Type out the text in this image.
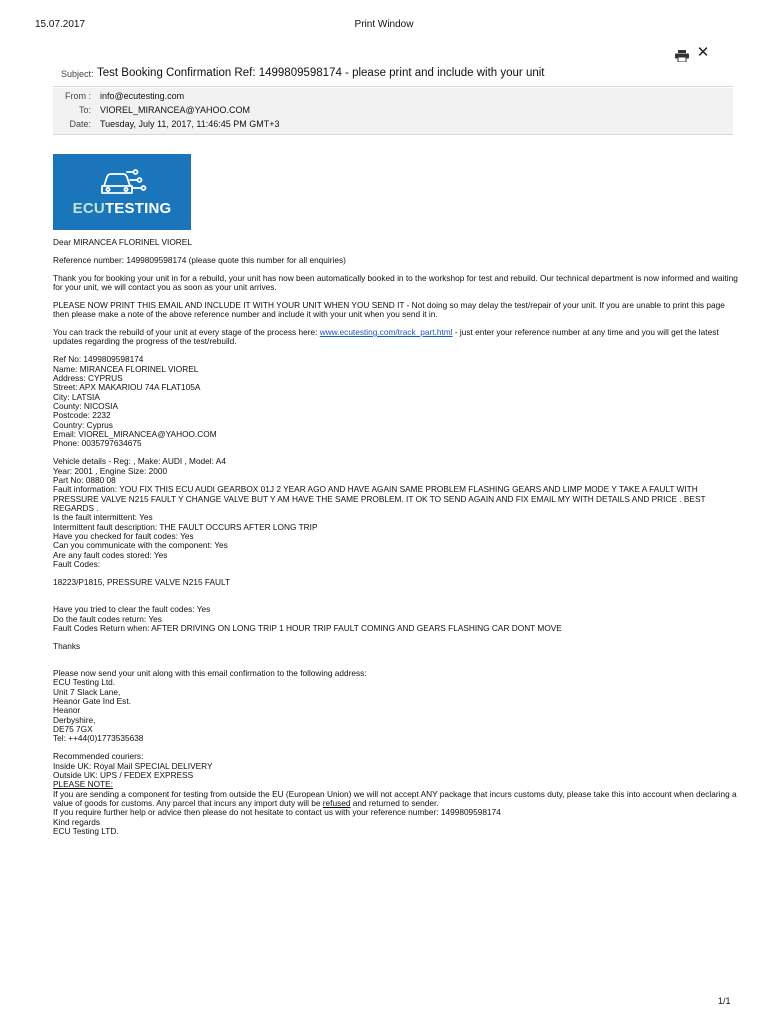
15.07.2017	Print Window
✕
Subject: Test Booking Confirmation Ref: 1499809598174 - please print and include with your unit
From : info@ecutesting.com
To: VIOREL_MIRANCEA@YAHOO.COM
Date: Tuesday, July 11, 2017, 11:46:45 PM GMT+3
ECUTESTING

Dear MIRANCEA FLORINEL VIOREL

Reference number: 1499809598174 (please quote this number for all enquiries)

Thank you for booking your unit in for a rebuild, your unit has now been automatically booked in to the workshop for test and rebuild. Our technical department is now informed and waiting for your unit, we will contact you as soon as your unit arrives.

PLEASE NOW PRINT THIS EMAIL AND INCLUDE IT WITH YOUR UNIT WHEN YOU SEND IT - Not doing so may delay the test/repair of your unit. If you are unable to print this page then please make a note of the above reference number and include it with your unit when you send it in.

You can track the rebuild of your unit at every stage of the process here: www.ecutesting.com/track_part.html - just enter your reference number at any time and you will get the latest updates regarding the progress of the test/rebuild.

Ref No: 1499809598174
Name: MIRANCEA FLORINEL VIOREL
Address: CYPRUS
Street: APX MAKARIOU 74A FLAT105A
City: LATSIA
County: NICOSIA
Postcode: 2232
Country: Cyprus
Email: VIOREL_MIRANCEA@YAHOO.COM
Phone: 0035797634675
Vehicle details - Reg: , Make: AUDI , Model: A4
Year: 2001 , Engine Size: 2000
Part No: 0880 08
Fault information: YOU FIX THIS ECU AUDI GEARBOX 01J 2 YEAR AGO AND HAVE AGAIN SAME PROBLEM FLASHING GEARS AND LIMP MODE Y TAKE A FAULT WITH PRESSURE VALVE N215 FAULT Y CHANGE VALVE BUT Y AM HAVE THE SAME PROBLEM. IT OK TO SEND AGAIN AND FIX EMAIL MY WITH DETAILS AND PRICE . BEST REGARDS .
Is the fault intermittent: Yes
Intermittent fault description: THE FAULT OCCURS AFTER LONG TRIP
Have you checked for fault codes: Yes
Can you communicate with the component: Yes
Are any fault codes stored: Yes
Fault Codes:

18223/P1815, PRESSURE VALVE N215 FAULT

Have you tried to clear the fault codes: Yes
Do the fault codes return: Yes
Fault Codes Return when: AFTER DRIVING ON LONG TRIP 1 HOUR TRIP FAULT COMING AND GEARS FLASHING CAR DONT MOVE

Thanks

Please now send your unit along with this email confirmation to the following address:
ECU Testing Ltd.
Unit 7 Slack Lane,
Heanor Gate Ind Est.
Heanor
Derbyshire,
DE75 7GX
Tel: ++44(0)1773535638
Recommended couriers:
Inside UK: Royal Mail SPECIAL DELIVERY
Outside UK: UPS / FEDEX EXPRESS
PLEASE NOTE:
If you are sending a component for testing from outside the EU (European Union) we will not accept ANY package that incurs customs duty, please take this into account when declaring a value of goods for customs. Any parcel that incurs any import duty will be refused and returned to sender.
If you require further help or advice then please do not hesitate to contact us with your reference number: 1499809598174
Kind regards
ECU Testing LTD.
1/1
